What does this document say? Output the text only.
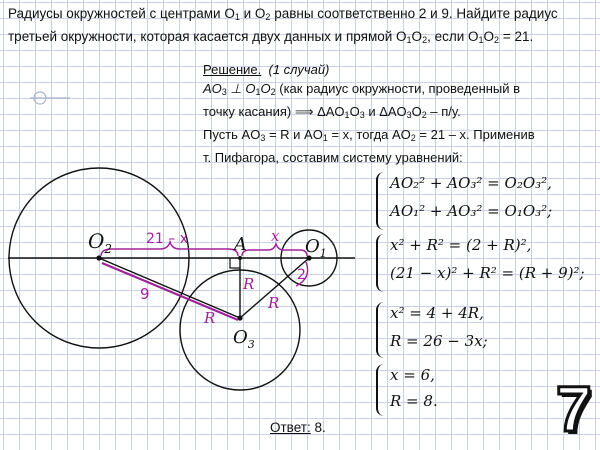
Радиусы окружностей с центрами $O_1$ и $O_2$ равны соответственно 2 и 9. Найдите радиус
третьей окружности, которая касается двух данных и прямой $O_1O_2$, если $O_1O_2 = 21$.
Решение. (1 случай)
$AO_3$ ⊥ $O_1O_2$ (как радиус окружности, проведенный в
точку касания) ⟹ $\Delta AO_1O_3$ и $\Delta AO_3O_2 - п/у$.
Пусть $AO_3 = R$ и $AO_1 = x$, тогда $AO_2 = 21 - x$. Применив
т. Пифагора, составим систему уравнений:
AO₂² + AO₃² = O₂O₃²,
AO₁² + AO₃² = O₁O₃²;
x² + R² = (2 + R)²,
(21 − x)² + R² = (R + 9)²;
x² = 4 + 4R,
R = 26 − 3x;
x = 6,
R = 8.
$O_2$	$O_1$
$O_3$
A
21 – x	x
2
9
R
R
R
Ответ: 8.	7
